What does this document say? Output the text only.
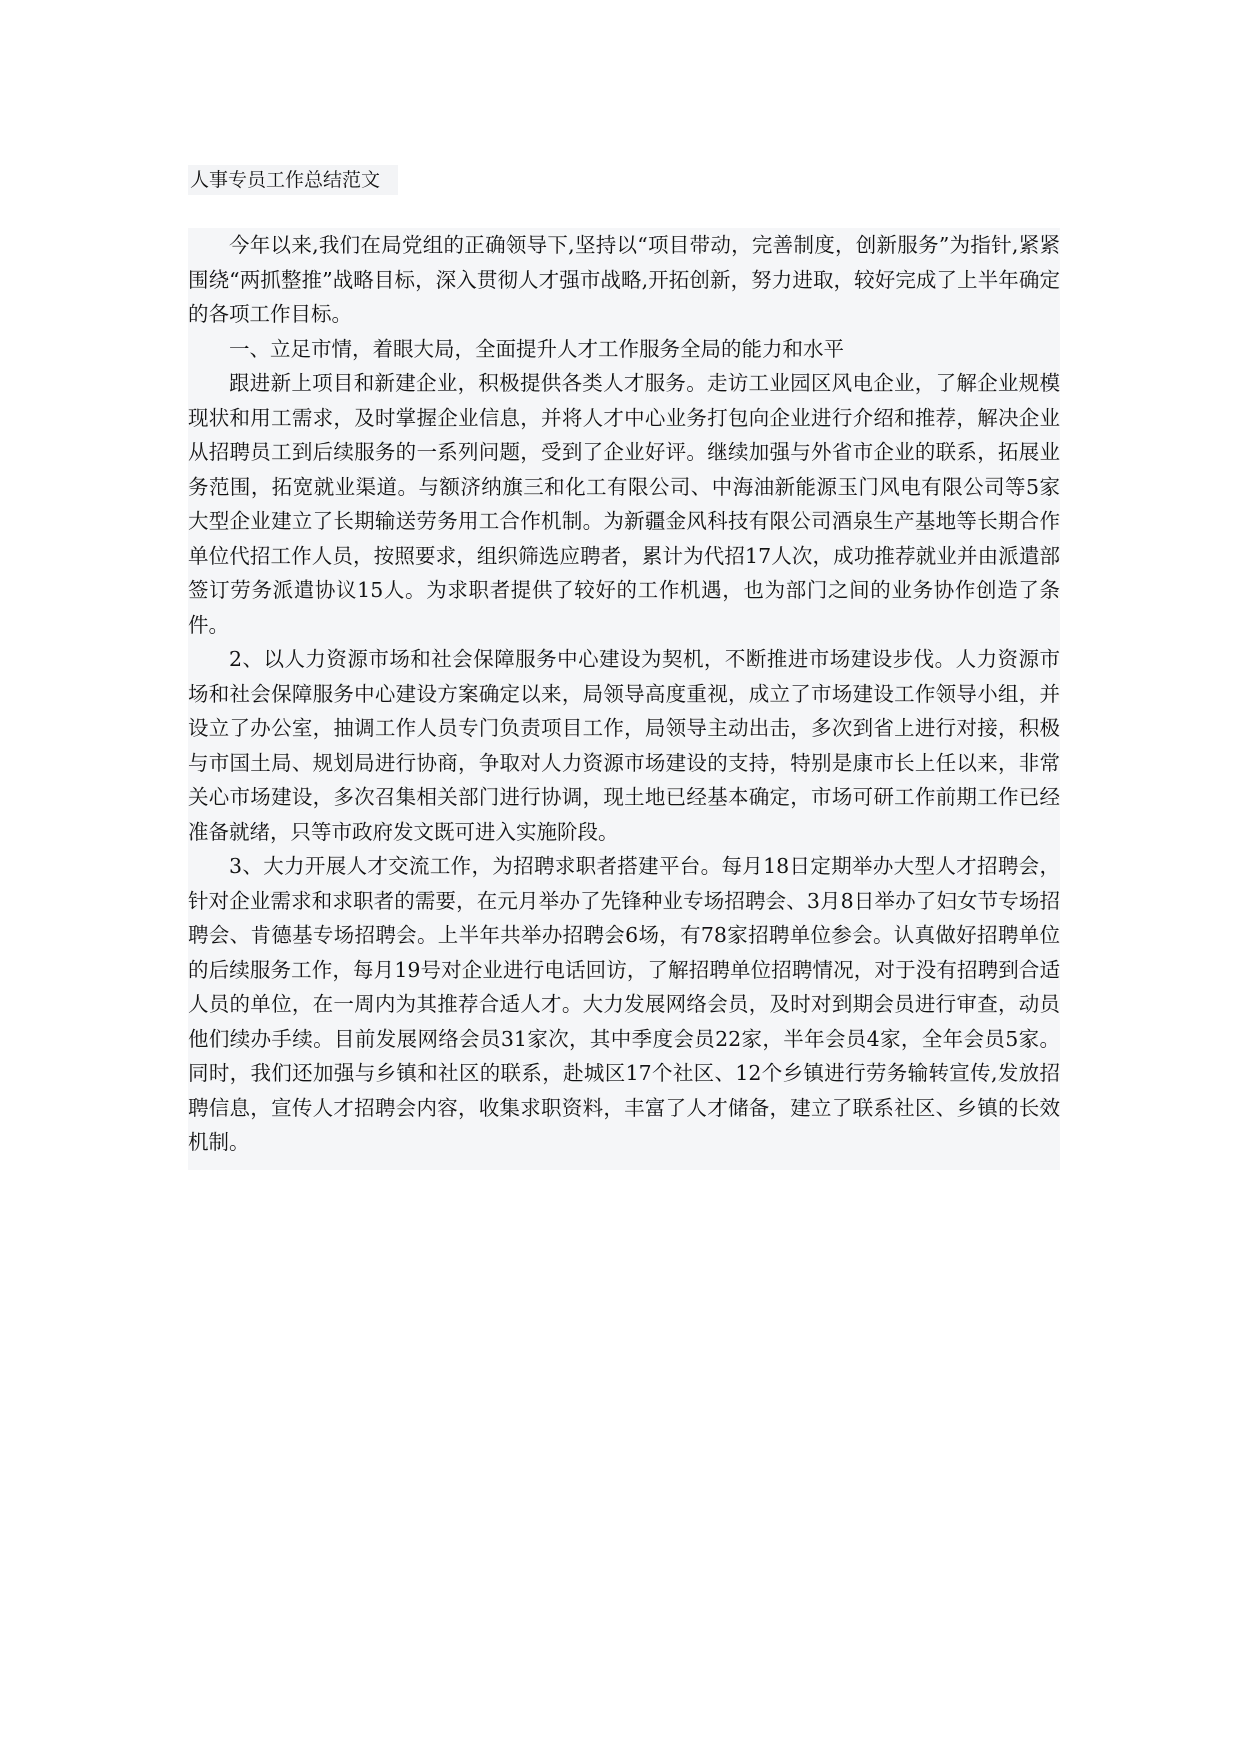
人事专员工作总结范文

今年以来,我们在局党组的正确领导下,坚持以“项目带动，完善制度，创新服务”为指针,紧紧围绕“两抓整推”战略目标，深入贯彻人才强市战略,开拓创新，努力进取，较好完成了上半年确定的各项工作目标。

一、立足市情，着眼大局，全面提升人才工作服务全局的能力和水平

跟进新上项目和新建企业，积极提供各类人才服务。走访工业园区风电企业，了解企业规模现状和用工需求，及时掌握企业信息，并将人才中心业务打包向企业进行介绍和推荐，解决企业从招聘员工到后续服务的一系列问题，受到了企业好评。继续加强与外省市企业的联系，拓展业务范围，拓宽就业渠道。与额济纳旗三和化工有限公司、中海油新能源玉门风电有限公司等5家大型企业建立了长期输送劳务用工合作机制。为新疆金风科技有限公司酒泉生产基地等长期合作单位代招工作人员，按照要求，组织筛选应聘者，累计为代招17人次，成功推荐就业并由派遣部签订劳务派遣协议15人。为求职者提供了较好的工作机遇，也为部门之间的业务协作创造了条件。

2、以人力资源市场和社会保障服务中心建设为契机，不断推进市场建设步伐。人力资源市场和社会保障服务中心建设方案确定以来，局领导高度重视，成立了市场建设工作领导小组，并设立了办公室，抽调工作人员专门负责项目工作，局领导主动出击，多次到省上进行对接，积极与市国土局、规划局进行协商，争取对人力资源市场建设的支持，特别是康市长上任以来，非常关心市场建设，多次召集相关部门进行协调，现土地已经基本确定，市场可研工作前期工作已经准备就绪，只等市政府发文既可进入实施阶段。

3、大力开展人才交流工作，为招聘求职者搭建平台。每月18日定期举办大型人才招聘会，针对企业需求和求职者的需要，在元月举办了先锋种业专场招聘会、3月8日举办了妇女节专场招聘会、肯德基专场招聘会。上半年共举办招聘会6场，有78家招聘单位参会。认真做好招聘单位的后续服务工作，每月19号对企业进行电话回访，了解招聘单位招聘情况，对于没有招聘到合适人员的单位，在一周内为其推荐合适人才。大力发展网络会员，及时对到期会员进行审查，动员他们续办手续。目前发展网络会员31家次，其中季度会员22家，半年会员4家，全年会员5家。同时，我们还加强与乡镇和社区的联系，赴城区17个社区、12个乡镇进行劳务输转宣传,发放招聘信息，宣传人才招聘会内容，收集求职资料，丰富了人才储备，建立了联系社区、乡镇的长效机制。
